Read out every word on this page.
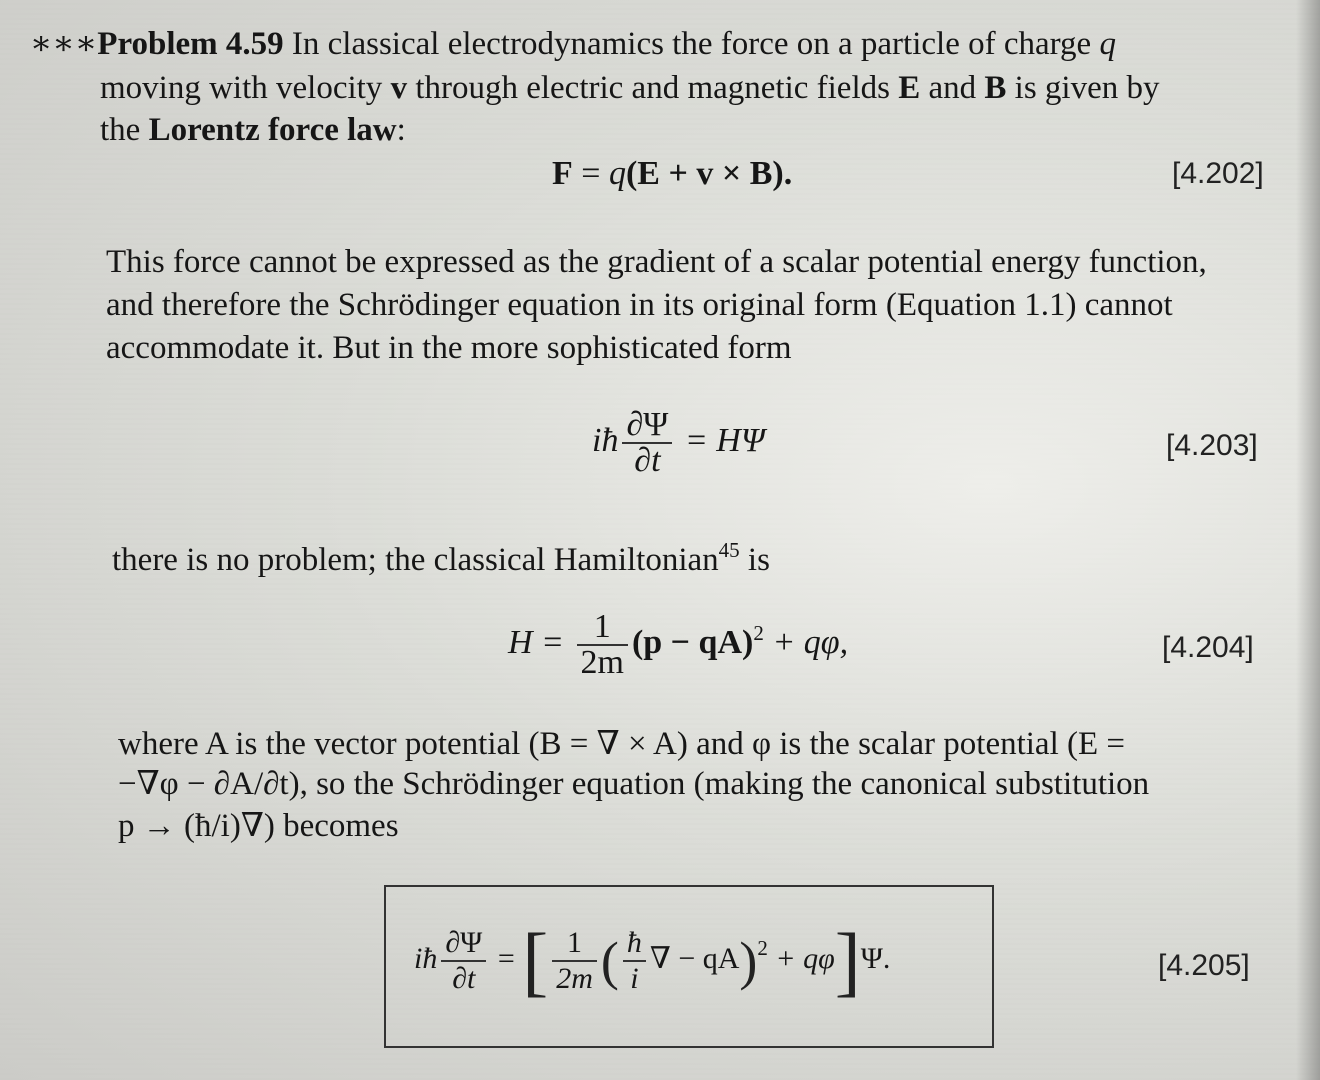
∗∗∗Problem 4.59 In classical electrodynamics the force on a particle of charge q
moving with velocity v through electric and magnetic fields E and B is given by
the Lorentz force law:
F = q(E + v × B).	[4.202]
This force cannot be expressed as the gradient of a scalar potential energy function,
and therefore the Schrödinger equation in its original form (Equation 1.1) cannot
accommodate it. But in the more sophisticated form
iħ $\frac{\partial\Psi}{\partial t} = H\Psi$	[4.203]
there is no problem; the classical Hamiltonian$^{45}$ is
$H = \frac{1}{2m} (p - qA)^2 + q\varphi$,	[4.204]
where A is the vector potential (B = ∇ × A) and φ is the scalar potential (E =
−∇φ − ∂A/∂t), so the Schrödinger equation (making the canonical substitution
p → (ħ/i)∇) becomes
iħ $\frac{\partial\Psi}{\partial t}$ = [ $\frac{1}{2m}$ ( $\frac{ħ}{i}$ ∇ − qA)$^2$ + qφ]Ψ.	[4.205]
